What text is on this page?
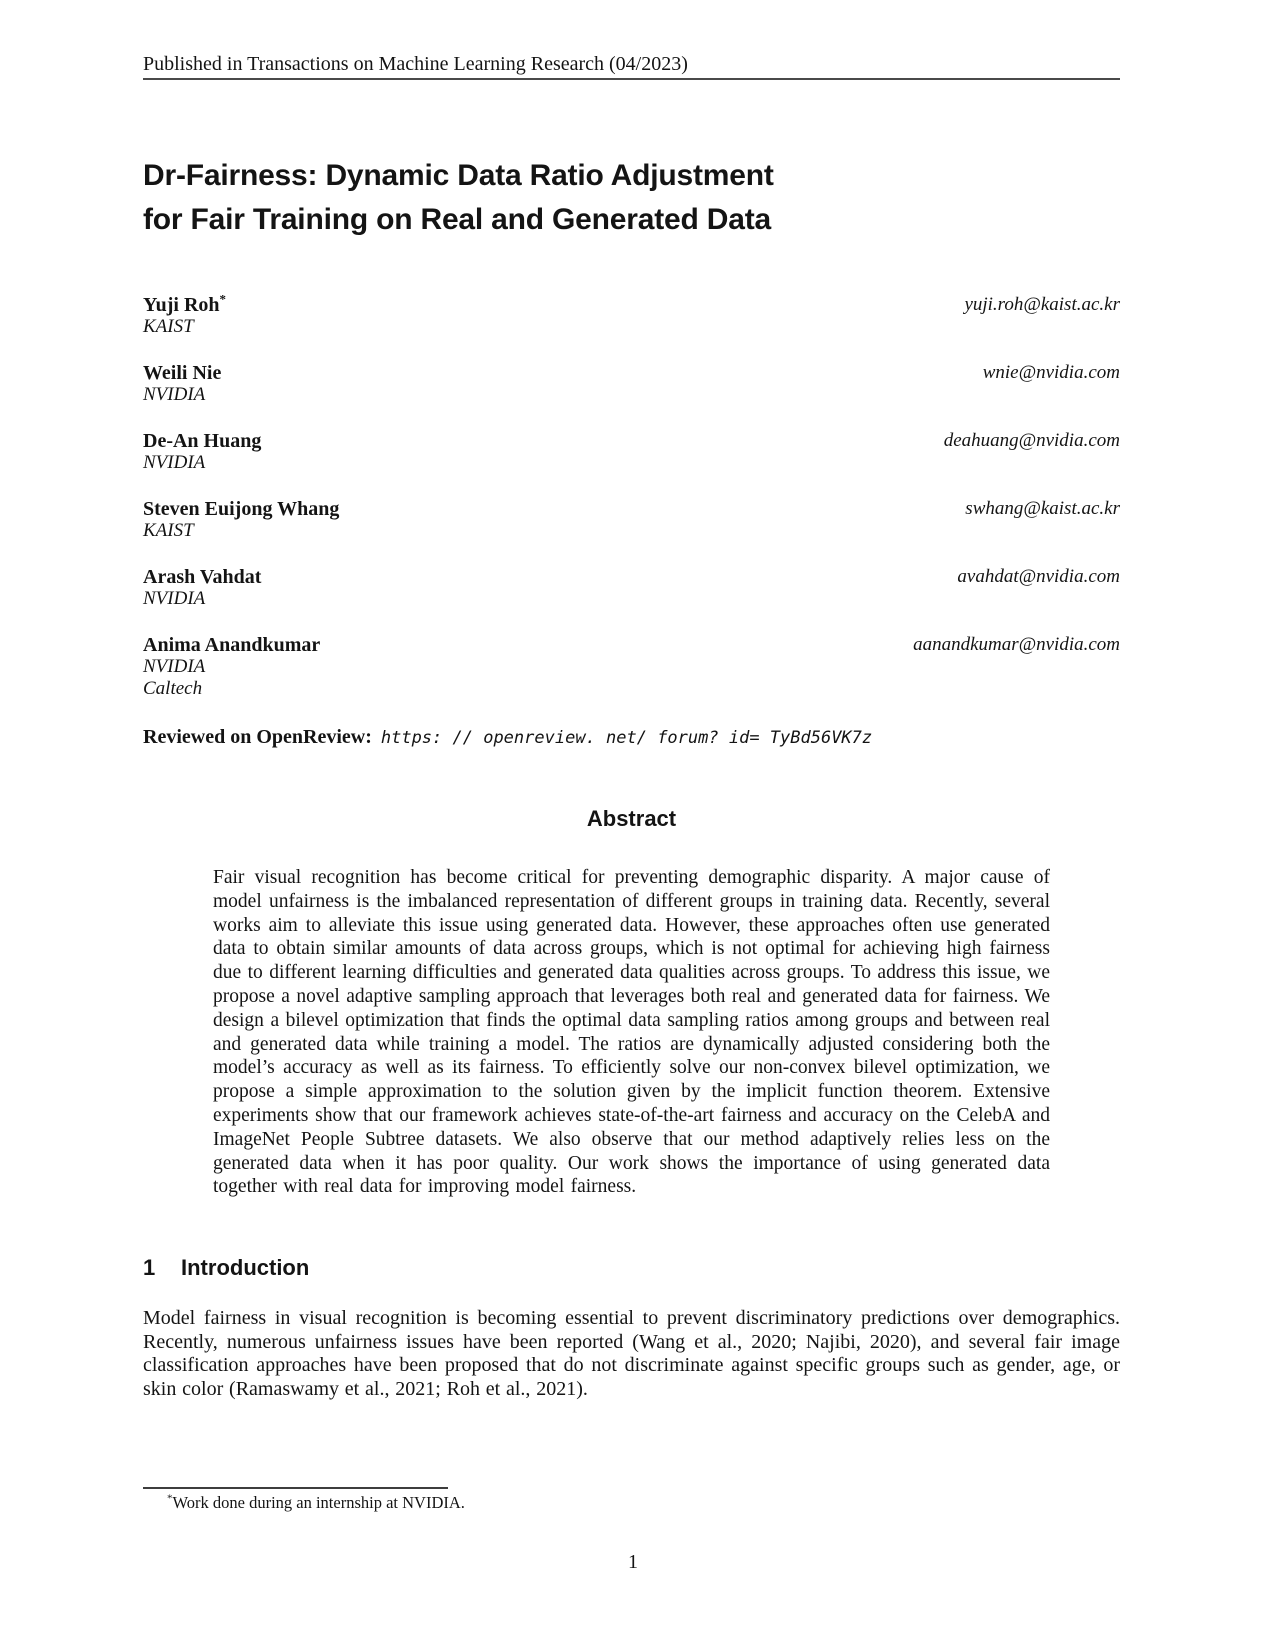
Published in Transactions on Machine Learning Research (04/2023)
Dr-Fairness: Dynamic Data Ratio Adjustment
for Fair Training on Real and Generated Data
Yuji Roh*
KAIST
yuji.roh@kaist.ac.kr
Weili Nie
NVIDIA
wnie@nvidia.com
De-An Huang
NVIDIA
deahuang@nvidia.com
Steven Euijong Whang
KAIST
swhang@kaist.ac.kr
Arash Vahdat
NVIDIA
avahdat@nvidia.com
Anima Anandkumar
NVIDIA
Caltech
aanandkumar@nvidia.com
Reviewed on OpenReview: https: // openreview. net/ forum? id= TyBd56VK7z
Abstract

Fair visual recognition has become critical for preventing demographic disparity. A major cause of model unfairness is the imbalanced representation of different groups in training data. Recently, several works aim to alleviate this issue using generated data. However, these approaches often use generated data to obtain similar amounts of data across groups, which is not optimal for achieving high fairness due to different learning difficulties and generated data qualities across groups. To address this issue, we propose a novel adaptive sampling approach that leverages both real and generated data for fairness. We design a bilevel optimization that finds the optimal data sampling ratios among groups and between real and generated data while training a model. The ratios are dynamically adjusted considering both the model’s accuracy as well as its fairness. To efficiently solve our non-convex bilevel optimization, we propose a simple approximation to the solution given by the implicit function theorem. Extensive experiments show that our framework achieves state-of-the-art fairness and accuracy on the CelebA and ImageNet People Subtree datasets. We also observe that our method adaptively relies less on the generated data when it has poor quality. Our work shows the importance of using generated data together with real data for improving model fairness.

1 Introduction

Model fairness in visual recognition is becoming essential to prevent discriminatory predictions over demographics. Recently, numerous unfairness issues have been reported (Wang et al., 2020; Najibi, 2020), and several fair image classification approaches have been proposed that do not discriminate against specific groups such as gender, age, or skin color (Ramaswamy et al., 2021; Roh et al., 2021).

*Work done during an internship at NVIDIA.
1
